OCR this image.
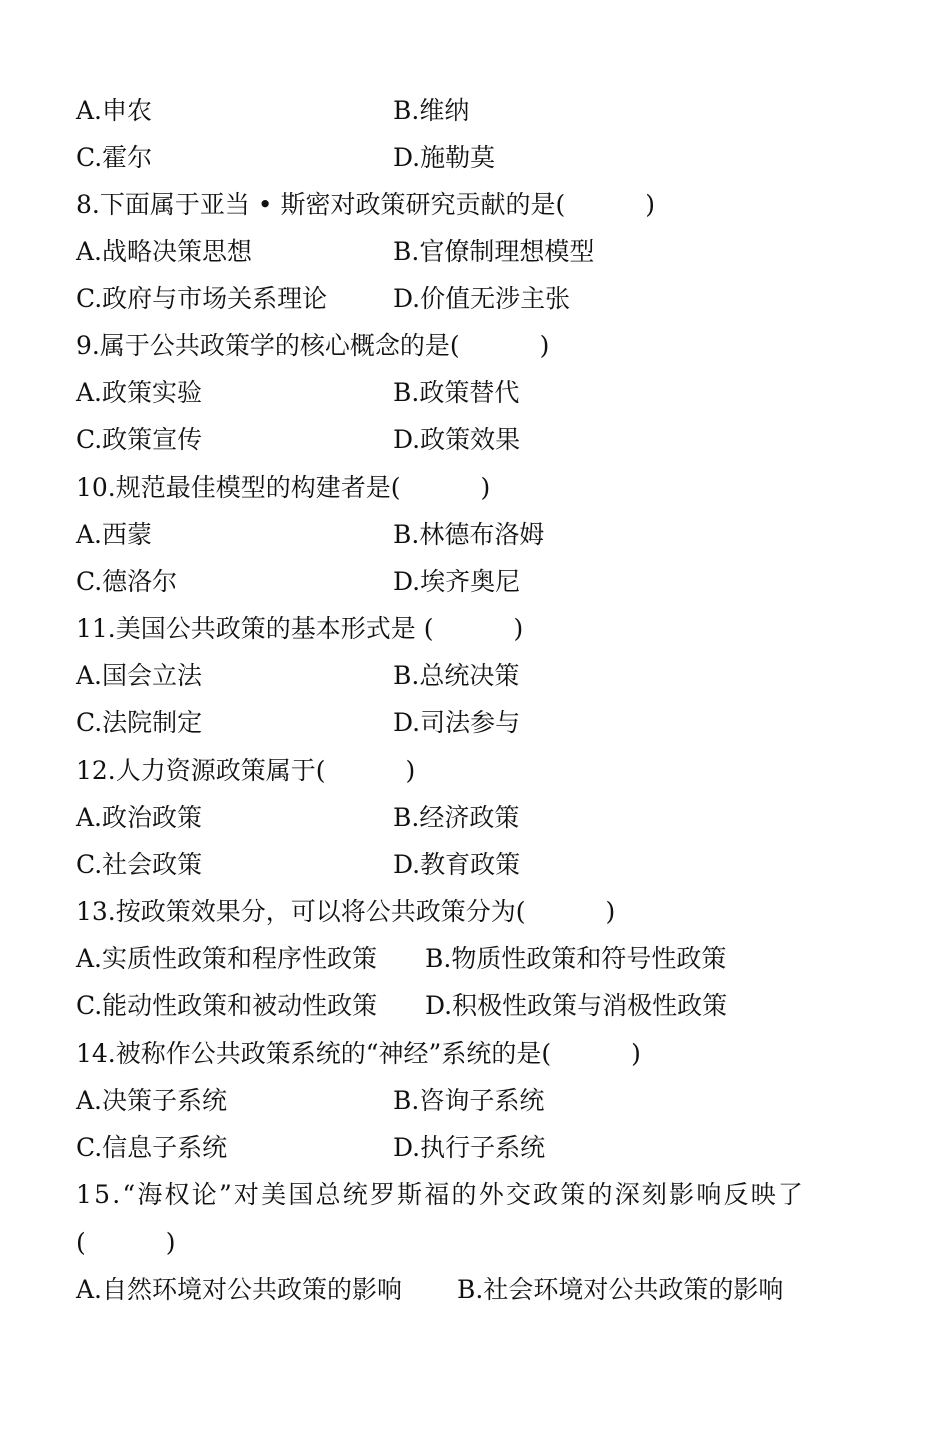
A.申农	B.维纳
C.霍尔	D.施勒莫
8.下面属于亚当 • 斯密对政策研究贡献的是(	)
A.战略决策思想	B.官僚制理想模型
C.政府与市场关系理论	D.价值无涉主张
9.属于公共政策学的核心概念的是(	)
A.政策实验	B.政策替代
C.政策宣传	D.政策效果
10.规范最佳模型的构建者是(	)
A.西蒙	B.林德布洛姆
C.德洛尔	D.埃齐奥尼
11.美国公共政策的基本形式是 (	)
A.国会立法	B.总统决策
C.法院制定	D.司法参与
12.人力资源政策属于(	)
A.政治政策	B.经济政策
C.社会政策	D.教育政策
13.按政策效果分，可以将公共政策分为(	)
A.实质性政策和程序性政策 B.物质性政策和符号性政策
C.能动性政策和被动性政策 D.积极性政策与消极性政策
14.被称作公共政策系统的“神经”系统的是(	)
A.决策子系统	B.咨询子系统
C.信息子系统	D.执行子系统
15.“海权论”对美国总统罗斯福的外交政策的深刻影响反映了
(	)
A.自然环境对公共政策的影响 B.社会环境对公共政策的影响
